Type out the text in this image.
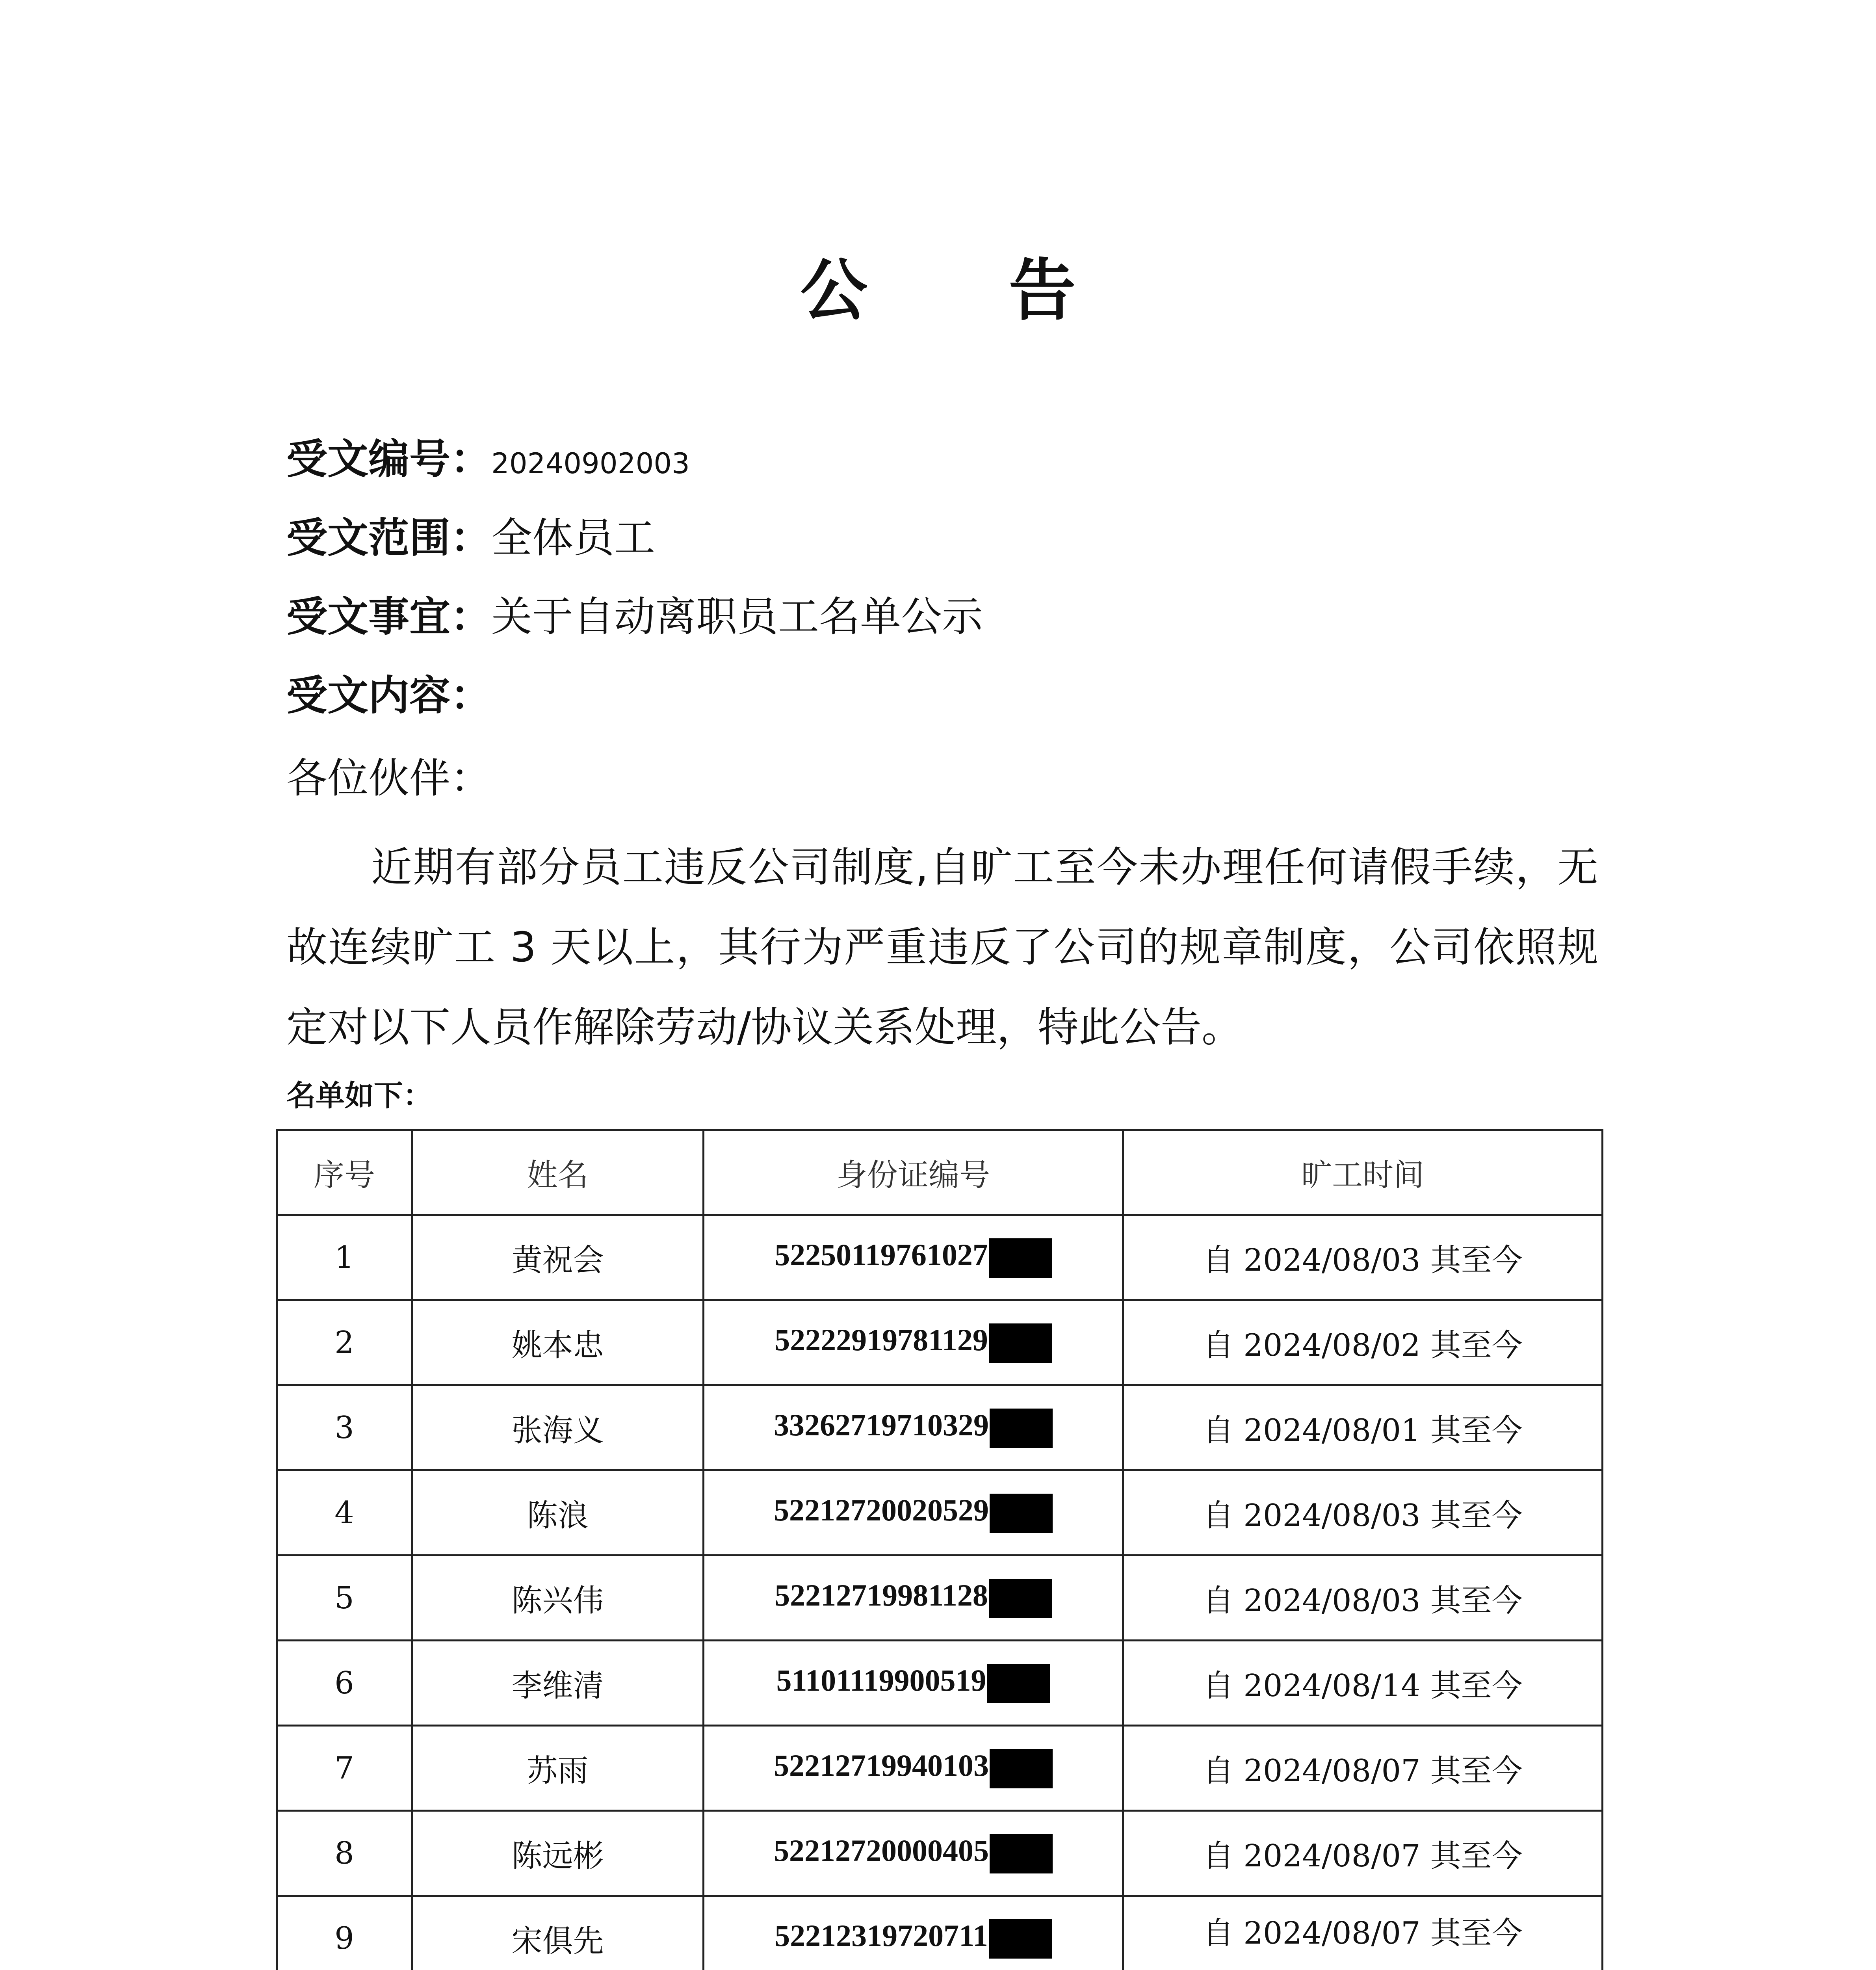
公 告
受文编号：20240902003
受文范围：全体员工
受文事宜：关于自动离职员工名单公示
受文内容：
各位伙伴：
近期有部分员工违反公司制度,自旷工至今未办理任何请假手续，无故连续旷工 3 天以上，其行为严重违反了公司的规章制度，公司依照规定对以下人员作解除劳动/协议关系处理，特此公告。
名单如下：
序号	姓名	身份证编号	旷工时间
1	黄祝会	52250119761027	自 2024/08/03 其至今
2	姚本忠	52222919781129	自 2024/08/02 其至今
3	张海义	33262719710329	自 2024/08/01 其至今
4	陈浪	52212720020529	自 2024/08/03 其至今
5	陈兴伟	52212719981128	自 2024/08/03 其至今
6	李维清	51101119900519	自 2024/08/14 其至今
7	苏雨	52212719940103	自 2024/08/07 其至今
8	陈远彬	52212720000405	自 2024/08/07 其至今
9	宋俱先	52212319720711	自 2024/08/07 其至今
